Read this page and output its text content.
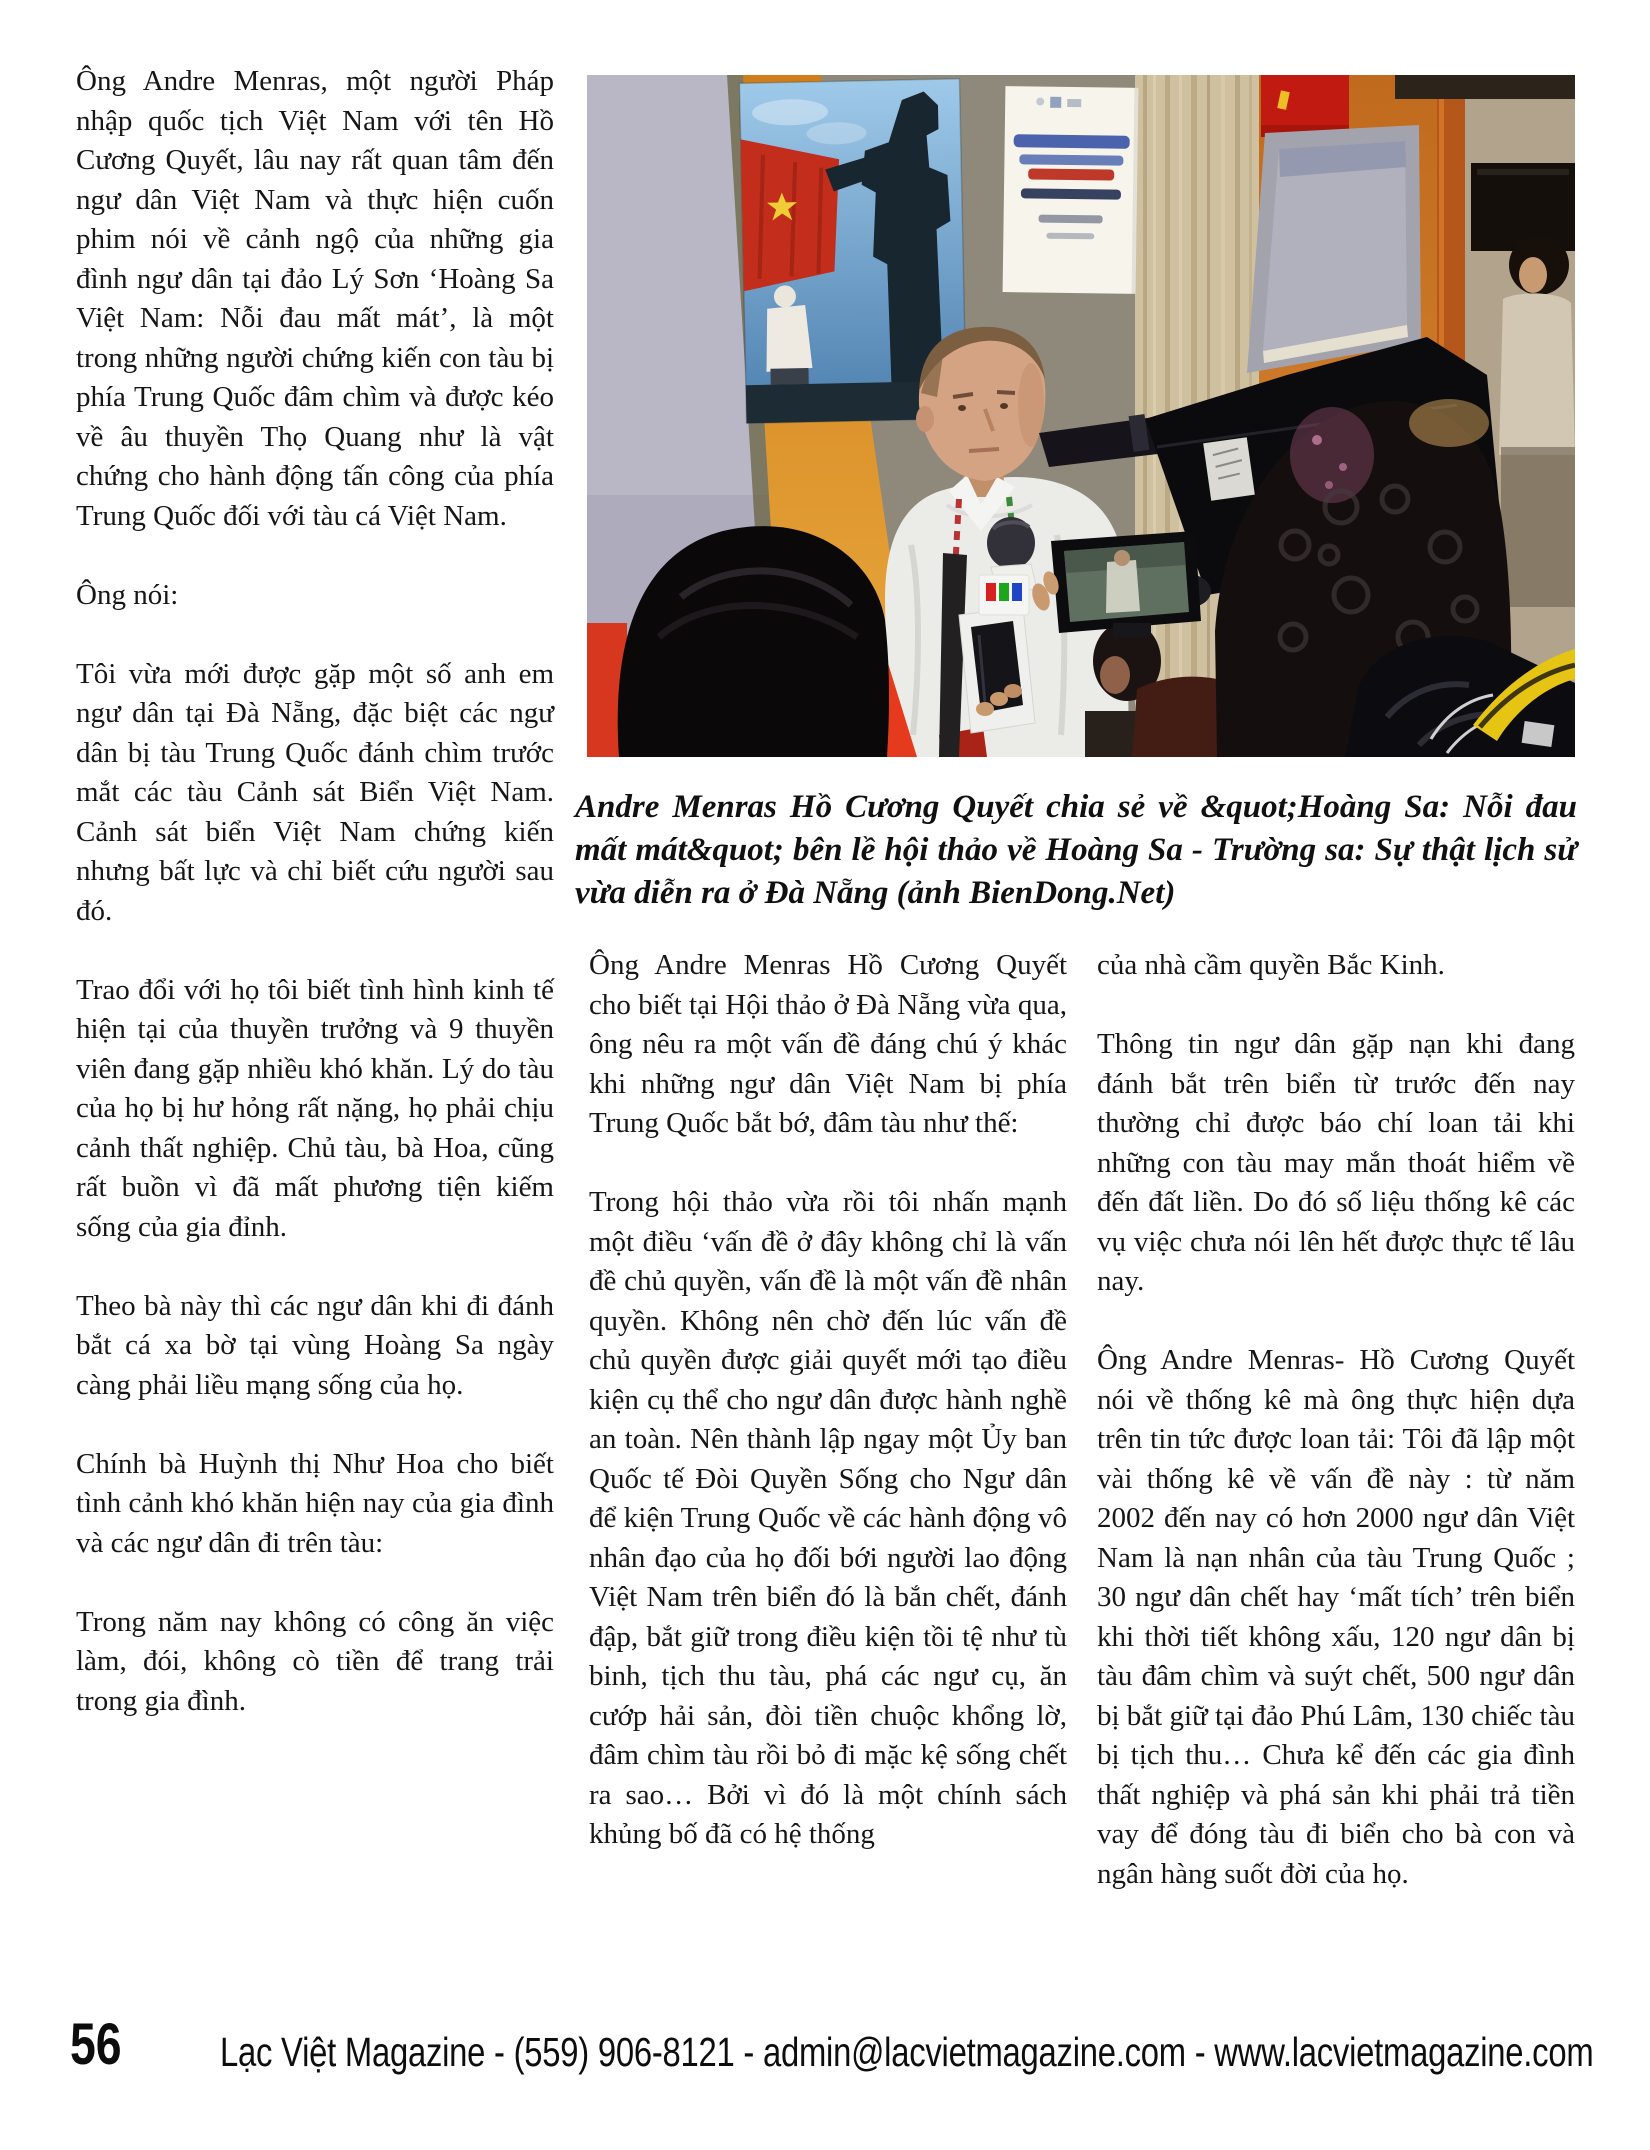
Ông Andre Menras, một người Pháp nhập quốc tịch Việt Nam với tên Hồ Cương Quyết, lâu nay rất quan tâm đến ngư dân Việt Nam và thực hiện cuốn phim nói về cảnh ngộ của những gia đình ngư dân tại đảo Lý Sơn ‘Hoàng Sa Việt Nam: Nỗi đau mất mát’, là một trong những người chứng kiến con tàu bị phía Trung Quốc đâm chìm và được kéo về âu thuyền Thọ Quang như là vật chứng cho hành động tấn công của phía Trung Quốc đối với tàu cá Việt Nam.

Ông nói:

Tôi vừa mới được gặp một số anh em ngư dân tại Đà Nẵng, đặc biệt các ngư dân bị tàu Trung Quốc đánh chìm trước mắt các tàu Cảnh sát Biển Việt Nam. Cảnh sát biển Việt Nam chứng kiến nhưng bất lực và chỉ biết cứu người sau đó.

Trao đổi với họ tôi biết tình hình kinh tế hiện tại của thuyền trưởng và 9 thuyền viên đang gặp nhiều khó khăn. Lý do tàu của họ bị hư hỏng rất nặng, họ phải chịu cảnh thất nghiệp. Chủ tàu, bà Hoa, cũng rất buồn vì đã mất phương tiện kiếm sống của gia đỉnh.

Theo bà này thì các ngư dân khi đi đánh bắt cá xa bờ tại vùng Hoàng Sa ngày càng phải liều mạng sống của họ.

Chính bà Huỳnh thị Như Hoa cho biết tình cảnh khó khăn hiện nay của gia đình và các ngư dân đi trên tàu:

Trong năm nay không có công ăn việc làm, đói, không cò tiền để trang trải trong gia đình.

Andre Menras Hồ Cương Quyết chia sẻ về &quot;Hoàng Sa: Nỗi đau mất mát&quot; bên lề hội thảo về Hoàng Sa - Trường sa: Sự thật lịch sử vừa diễn ra ở Đà Nẵng (ảnh BienDong.Net)

Ông Andre Menras Hồ Cương Quyết cho biết tại Hội thảo ở Đà Nẵng vừa qua, ông nêu ra một vấn đề đáng chú ý khác khi những ngư dân Việt Nam bị phía Trung Quốc bắt bớ, đâm tàu như thế:

Trong hội thảo vừa rồi tôi nhấn mạnh một điều ‘vấn đề ở đây không chỉ là vấn đề chủ quyền, vấn đề là một vấn đề nhân quyền. Không nên chờ đến lúc vấn đề chủ quyền được giải quyết mới tạo điều kiện cụ thể cho ngư dân được hành nghề an toàn. Nên thành lập ngay một Ủy ban Quốc tế Đòi Quyền Sống cho Ngư dân để kiện Trung Quốc về các hành động vô nhân đạo của họ đối bới người lao động Việt Nam trên biển đó là bắn chết, đánh đập, bắt giữ trong điều kiện tồi tệ như tù binh, tịch thu tàu, phá các ngư cụ, ăn cướp hải sản, đòi tiền chuộc khổng lờ, đâm chìm tàu rồi bỏ đi mặc kệ sống chết ra sao… Bởi vì đó là một chính sách khủng bố đã có hệ thống

của nhà cầm quyền Bắc Kinh.

Thông tin ngư dân gặp nạn khi đang đánh bắt trên biển từ trước đến nay thường chỉ được báo chí loan tải khi những con tàu may mắn thoát hiểm về đến đất liền. Do đó số liệu thống kê các vụ việc chưa nói lên hết được thực tế lâu nay.

Ông Andre Menras- Hồ Cương Quyết nói về thống kê mà ông thực hiện dựa trên tin tức được loan tải: Tôi đã lập một vài thống kê về vấn đề này : từ năm 2002 đến nay có hơn 2000 ngư dân Việt Nam là nạn nhân của tàu Trung Quốc ; 30 ngư dân chết hay ‘mất tích’ trên biển khi thời tiết không xấu, 120 ngư dân bị tàu đâm chìm và suýt chết, 500 ngư dân bị bắt giữ tại đảo Phú Lâm, 130 chiếc tàu bị tịch thu… Chưa kể đến các gia đình thất nghiệp và phá sản khi phải trả tiền vay để đóng tàu đi biển cho bà con và ngân hàng suốt đời của họ.

56 Lạc Việt Magazine - (559) 906-8121 - admin@lacvietmagazine.com - www.lacvietmagazine.com
